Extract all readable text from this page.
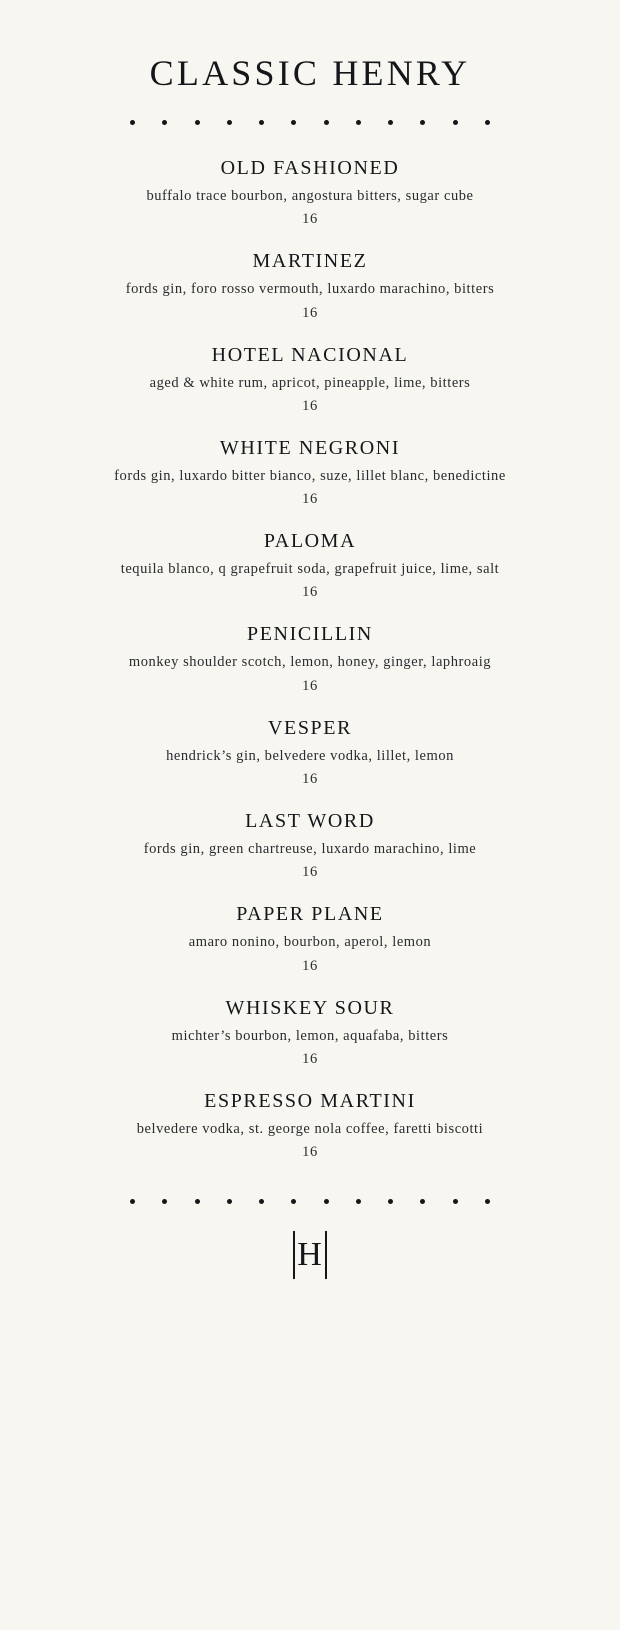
CLASSIC HENRY
OLD FASHIONED
buffalo trace bourbon, angostura bitters, sugar cube
16
MARTINEZ
fords gin, foro rosso vermouth, luxardo marachino, bitters
16
HOTEL NACIONAL
aged & white rum, apricot, pineapple, lime, bitters
16
WHITE NEGRONI
fords gin, luxardo bitter bianco, suze, lillet blanc, benedictine
16
PALOMA
tequila blanco, q grapefruit soda, grapefruit juice, lime, salt
16
PENICILLIN
monkey shoulder scotch, lemon, honey, ginger, laphroaig
16
VESPER
hendrick’s gin, belvedere vodka, lillet, lemon
16
LAST WORD
fords gin, green chartreuse, luxardo marachino, lime
16
PAPER PLANE
amaro nonino, bourbon, aperol, lemon
16
WHISKEY SOUR
michter’s bourbon, lemon, aquafaba, bitters
16
ESPRESSO MARTINI
belvedere vodka, st. george nola coffee, faretti biscotti
16
H
